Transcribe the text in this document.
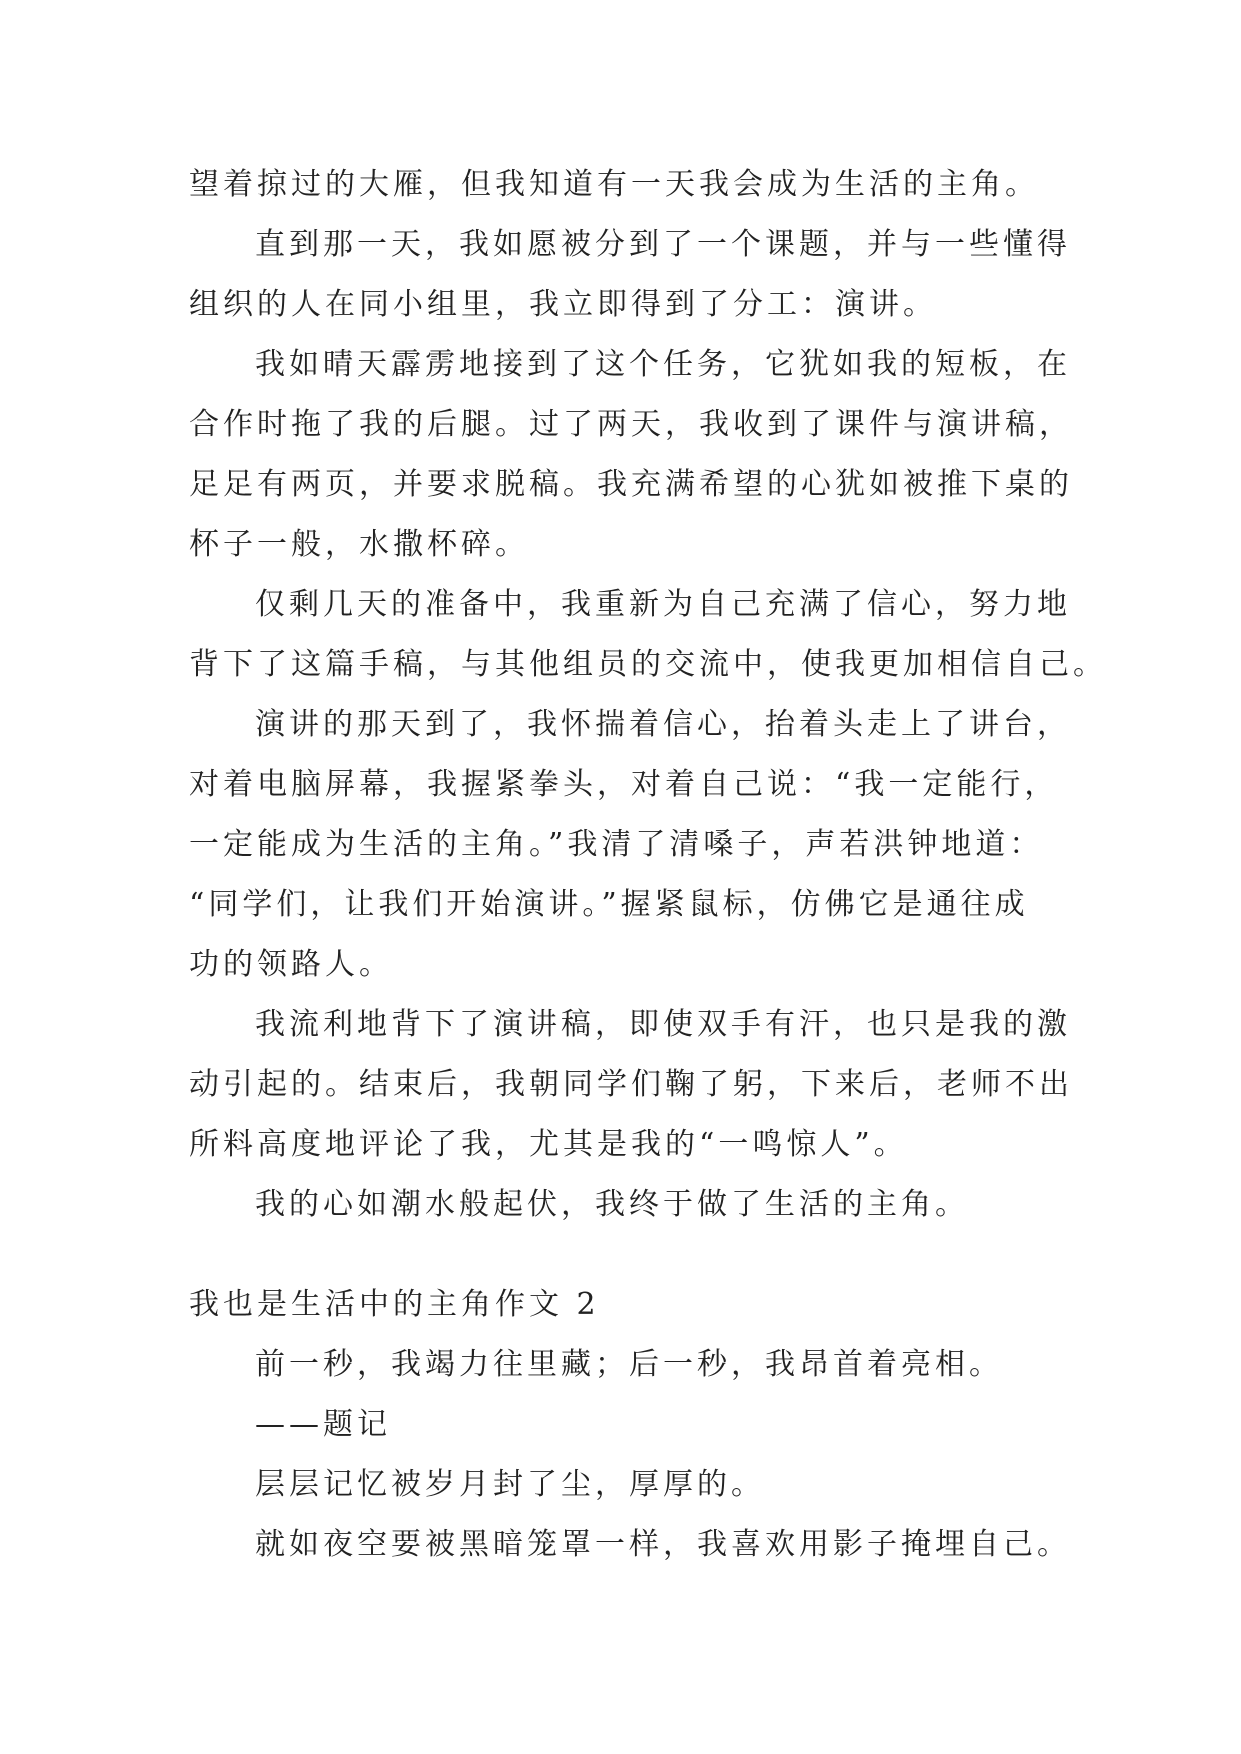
望着掠过的大雁，但我知道有一天我会成为生活的主角。
直到那一天，我如愿被分到了一个课题，并与一些懂得
组织的人在同小组里，我立即得到了分工：演讲。
我如晴天霹雳地接到了这个任务，它犹如我的短板，在
合作时拖了我的后腿。过了两天，我收到了课件与演讲稿，
足足有两页，并要求脱稿。我充满希望的心犹如被推下桌的
杯子一般，水撒杯碎。
仅剩几天的准备中，我重新为自己充满了信心，努力地
背下了这篇手稿，与其他组员的交流中，使我更加相信自己。
演讲的那天到了，我怀揣着信心，抬着头走上了讲台，
对着电脑屏幕，我握紧拳头，对着自己说：“我一定能行，
一定能成为生活的主角。”我清了清嗓子，声若洪钟地道：
“同学们，让我们开始演讲。”握紧鼠标，仿佛它是通往成
功的领路人。
我流利地背下了演讲稿，即使双手有汗，也只是我的激
动引起的。结束后，我朝同学们鞠了躬，下来后，老师不出
所料高度地评论了我，尤其是我的“一鸣惊人”。
我的心如潮水般起伏，我终于做了生活的主角。
我也是生活中的主角作文 2
前一秒，我竭力往里藏；后一秒，我昂首着亮相。
——题记
层层记忆被岁月封了尘，厚厚的。
就如夜空要被黑暗笼罩一样，我喜欢用影子掩埋自己。
